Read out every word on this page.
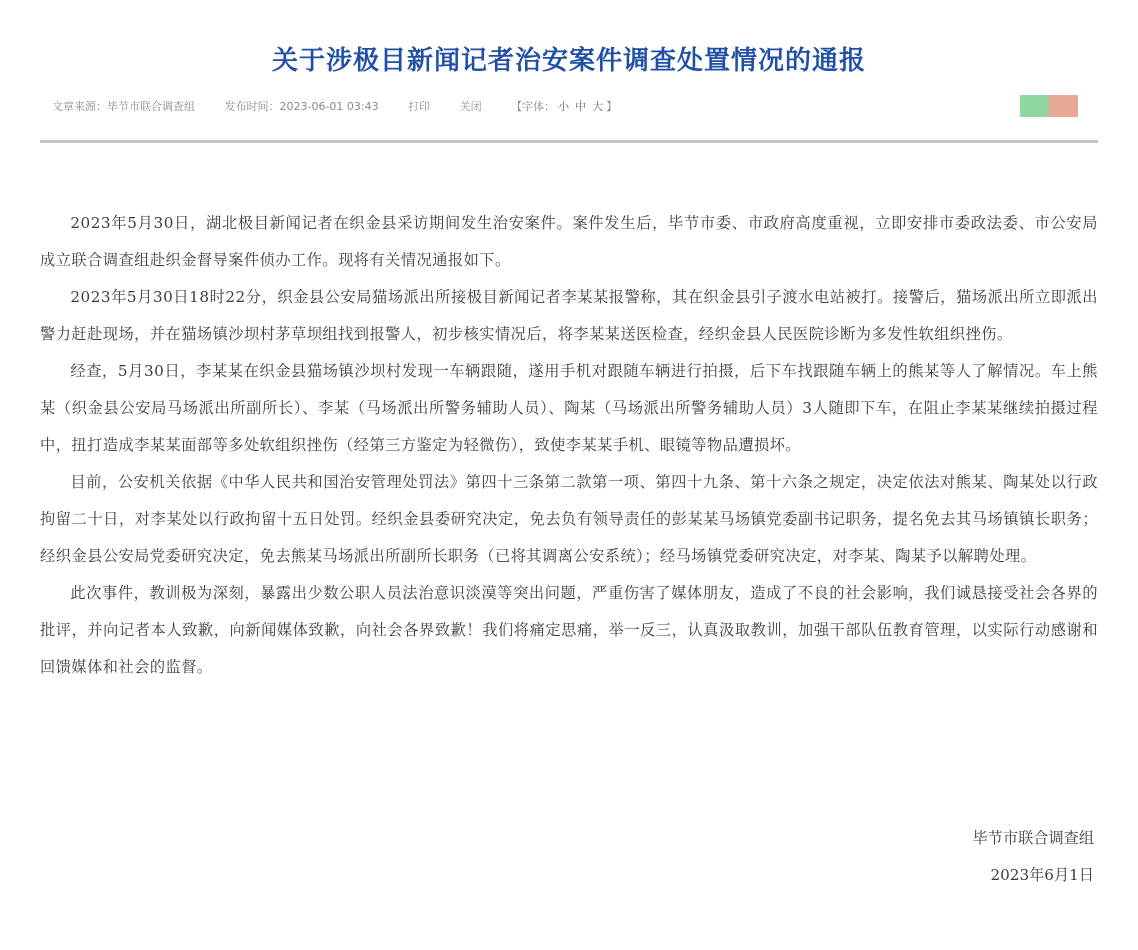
关于涉极目新闻记者治安案件调查处置情况的通报
文章来源：毕节市联合调查组	发布时间：2023-06-01 03:43	打印	关闭	【字体： 小 中 大 】

2023年5月30日，湖北极目新闻记者在织金县采访期间发生治安案件。案件发生后，毕节市委、市政府高度重视，立即安排市委政法委、市公安局成立联合调查组赴织金督导案件侦办工作。现将有关情况通报如下。

2023年5月30日18时22分，织金县公安局猫场派出所接极目新闻记者李某某报警称，其在织金县引子渡水电站被打。接警后，猫场派出所立即派出警力赶赴现场，并在猫场镇沙坝村茅草坝组找到报警人，初步核实情况后，将李某某送医检查，经织金县人民医院诊断为多发性软组织挫伤。

经查，5月30日，李某某在织金县猫场镇沙坝村发现一车辆跟随，遂用手机对跟随车辆进行拍摄，后下车找跟随车辆上的熊某等人了解情况。车上熊某（织金县公安局马场派出所副所长）、李某（马场派出所警务辅助人员）、陶某（马场派出所警务辅助人员）3人随即下车，在阻止李某某继续拍摄过程中，扭打造成李某某面部等多处软组织挫伤（经第三方鉴定为轻微伤），致使李某某手机、眼镜等物品遭损坏。

目前，公安机关依据《中华人民共和国治安管理处罚法》第四十三条第二款第一项、第四十九条、第十六条之规定，决定依法对熊某、陶某处以行政拘留二十日，对李某处以行政拘留十五日处罚。经织金县委研究决定，免去负有领导责任的彭某某马场镇党委副书记职务，提名免去其马场镇镇长职务；经织金县公安局党委研究决定，免去熊某马场派出所副所长职务（已将其调离公安系统）；经马场镇党委研究决定，对李某、陶某予以解聘处理。

此次事件，教训极为深刻，暴露出少数公职人员法治意识淡漠等突出问题，严重伤害了媒体朋友，造成了不良的社会影响，我们诚恳接受社会各界的批评，并向记者本人致歉，向新闻媒体致歉，向社会各界致歉！我们将痛定思痛，举一反三，认真汲取教训，加强干部队伍教育管理，以实际行动感谢和回馈媒体和社会的监督。

毕节市联合调查组
2023年6月1日
